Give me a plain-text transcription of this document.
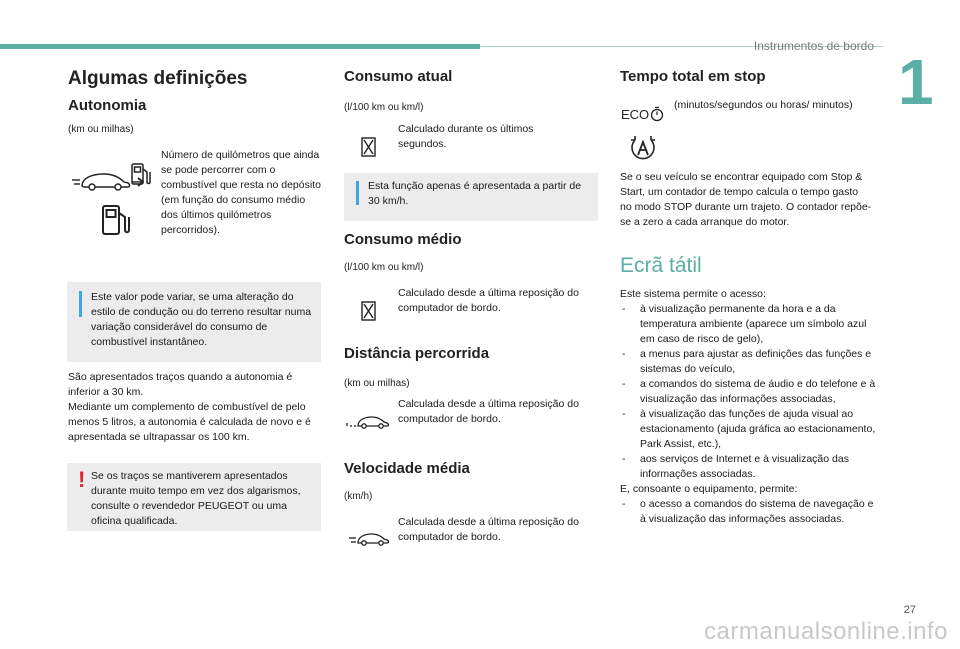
Instrumentos de bordo 1
Algumas definições
Autonomia
(km ou milhas)
Número de quilómetros que ainda se pode percorrer com o combustível que resta no depósito (em função do consumo médio dos últimos quilómetros percorridos).
Este valor pode variar, se uma alteração do estilo de condução ou do terreno resultar numa variação considerável do consumo de combustível instantâneo.
São apresentados traços quando a autonomia é inferior a 30 km.
Mediante um complemento de combustível de pelo menos 5 litros, a autonomia é calculada de novo e é apresentada se ultrapassar os 100 km.
! Se os traços se mantiverem apresentados durante muito tempo em vez dos algarismos, consulte o revendedor PEUGEOT ou uma oficina qualificada.
Consumo atual
(l/100 km ou km/l)
Calculado durante os últimos segundos.
Esta função apenas é apresentada a partir de 30 km/h.
Consumo médio
(l/100 km ou km/l)
Calculado desde a última reposição do computador de bordo.
Distância percorrida
(km ou milhas)
Calculada desde a última reposição do computador de bordo.
Velocidade média
(km/h)
Calculada desde a última reposição do computador de bordo.
Tempo total em stop
ECO
(minutos/segundos ou horas/ minutos)
Se o seu veículo se encontrar equipado com Stop & Start, um contador de tempo calcula o tempo gasto no modo STOP durante um trajeto. O contador repõe-se a zero a cada arranque do motor.
Ecrã tátil
Este sistema permite o acesso:
- à visualização permanente da hora e a da temperatura ambiente (aparece um símbolo azul em caso de risco de gelo),
- a menus para ajustar as definições das funções e sistemas do veículo,
- a comandos do sistema de áudio e do telefone e à visualização das informações associadas,
- à visualização das funções de ajuda visual ao estacionamento (ajuda gráfica ao estacionamento, Park Assist, etc.),
- aos serviços de Internet e à visualização das informações associadas.
E, consoante o equipamento, permite:
- o acesso a comandos do sistema de navegação e à visualização das informações associadas.
27
carmanualsonline.info
